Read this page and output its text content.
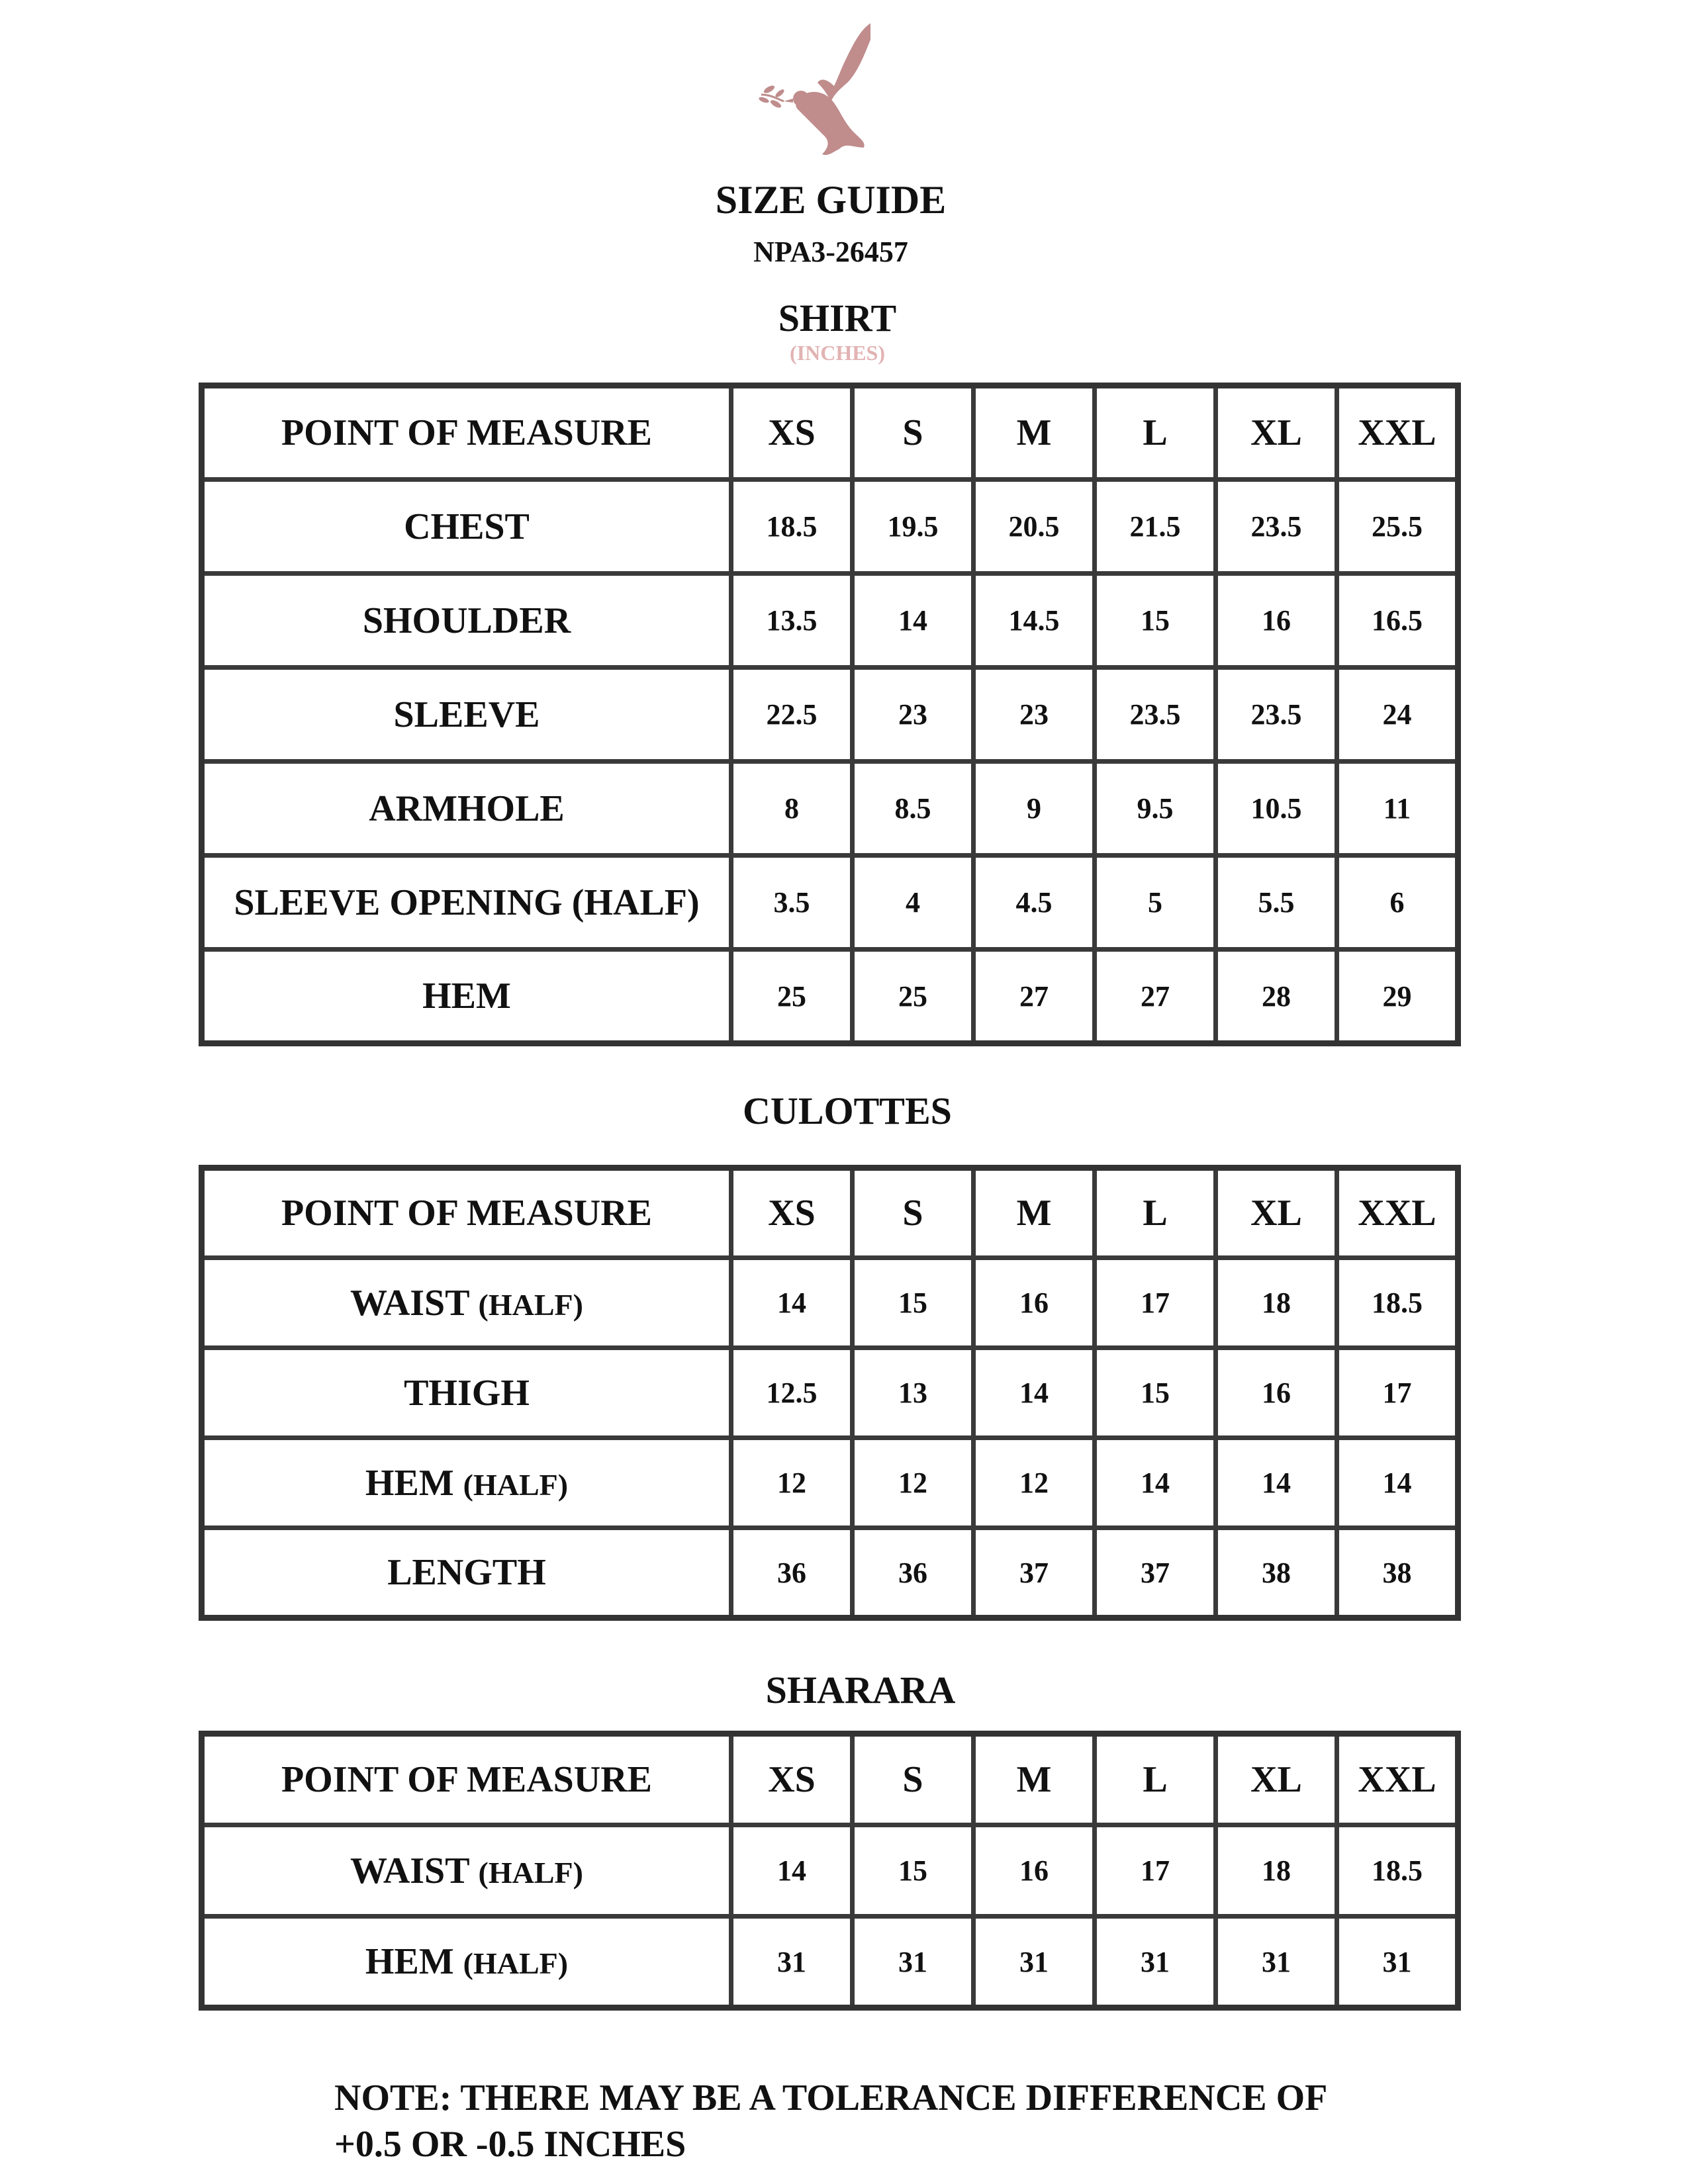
SIZE GUIDE
NPA3-26457
SHIRT
(INCHES)
POINT OF MEASURE	XS	S	M	L	XL	XXL
CHEST	18.5	19.5	20.5	21.5	23.5	25.5
SHOULDER	13.5	14	14.5	15	16	16.5
SLEEVE	22.5	23	23	23.5	23.5	24
ARMHOLE	8	8.5	9	9.5	10.5	11
SLEEVE OPENING (HALF)	3.5	4	4.5	5	5.5	6
HEM	25	25	27	27	28	29
CULOTTES
POINT OF MEASURE	XS	S	M	L	XL	XXL
WAIST (HALF)	14	15	16	17	18	18.5
THIGH	12.5	13	14	15	16	17
HEM (HALF)	12	12	12	14	14	14
LENGTH	36	36	37	37	38	38
SHARARA
POINT OF MEASURE	XS	S	M	L	XL	XXL
WAIST (HALF)	14	15	16	17	18	18.5
HEM (HALF)	31	31	31	31	31	31
NOTE: THERE MAY BE A TOLERANCE DIFFERENCE OF
+0.5 OR -0.5 INCHES
